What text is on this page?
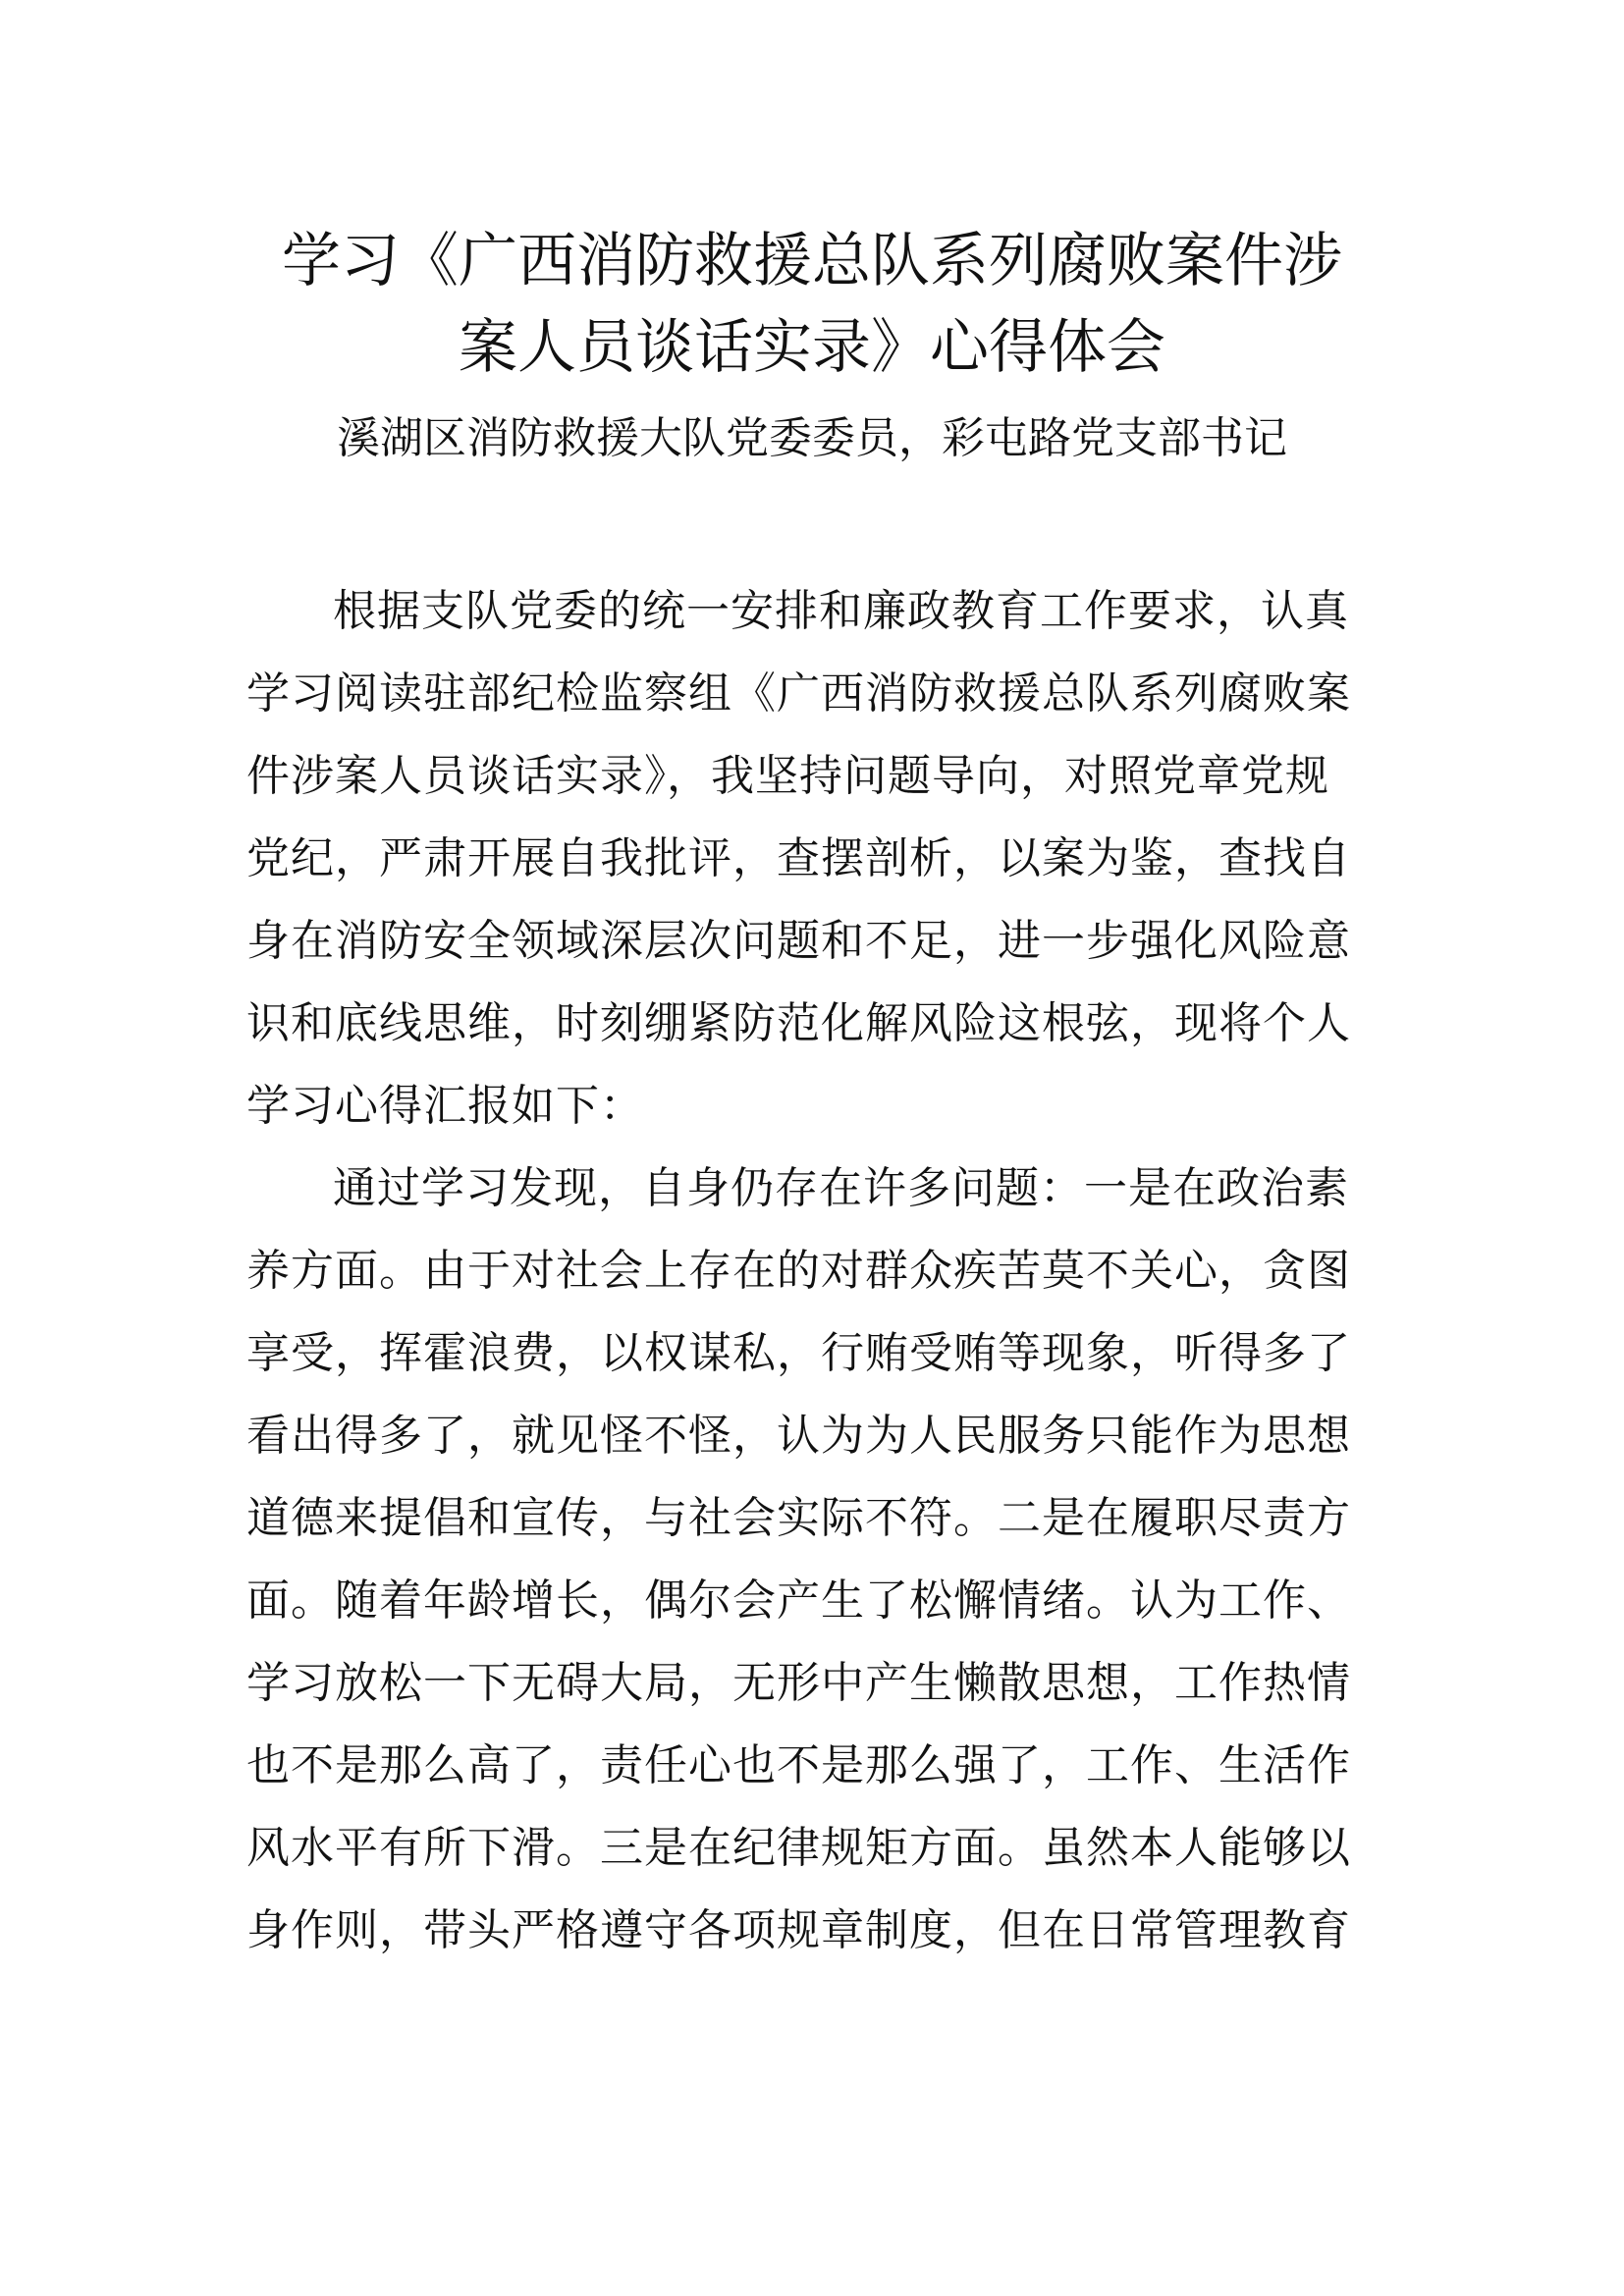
学习《广西消防救援总队系列腐败案件涉
案人员谈话实录》心得体会

溪湖区消防救援大队党委委员，彩屯路党支部书记

根据支队党委的统一安排和廉政教育工作要求，认真

学习阅读驻部纪检监察组《广西消防救援总队系列腐败案

件涉案人员谈话实录》，我坚持问题导向，对照党章党规

党纪，严肃开展自我批评，查摆剖析，以案为鉴，查找自

身在消防安全领域深层次问题和不足，进一步强化风险意

识和底线思维，时刻绷紧防范化解风险这根弦，现将个人

学习心得汇报如下：

通过学习发现，自身仍存在许多问题：一是在政治素

养方面。由于对社会上存在的对群众疾苦莫不关心，贪图

享受，挥霍浪费，以权谋私，行贿受贿等现象，听得多了

看出得多了，就见怪不怪，认为为人民服务只能作为思想

道德来提倡和宣传，与社会实际不符。二是在履职尽责方

面。随着年龄增长，偶尔会产生了松懈情绪。认为工作、

学习放松一下无碍大局，无形中产生懒散思想，工作热情

也不是那么高了，责任心也不是那么强了，工作、生活作

风水平有所下滑。三是在纪律规矩方面。虽然本人能够以

身作则，带头严格遵守各项规章制度，但在日常管理教育
